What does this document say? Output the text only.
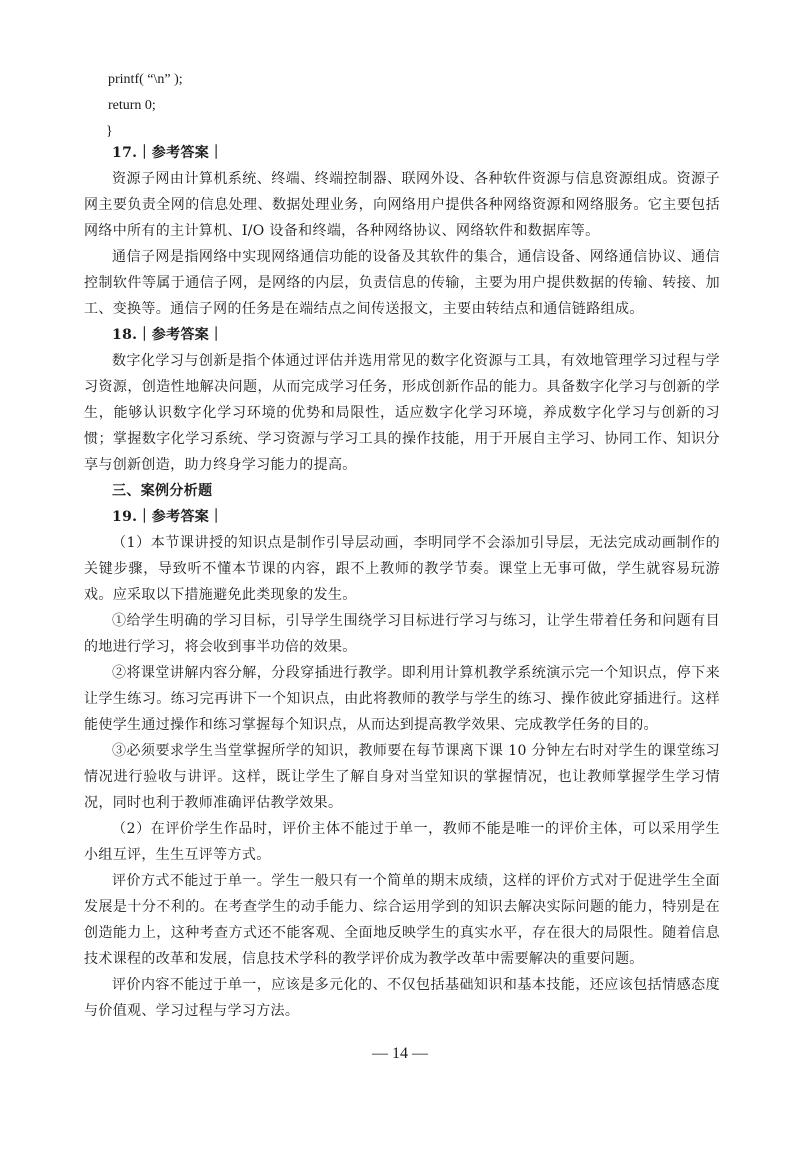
printf( “\n” );
return 0;
}
17.｜参考答案｜

资源子网由计算机系统、终端、终端控制器、联网外设、各种软件资源与信息资源组成。资源子网主要负责全网的信息处理、数据处理业务，向网络用户提供各种网络资源和网络服务。它主要包括网络中所有的主计算机、I/O 设备和终端，各种网络协议、网络软件和数据库等。

通信子网是指网络中实现网络通信功能的设备及其软件的集合，通信设备、网络通信协议、通信控制软件等属于通信子网，是网络的内层，负责信息的传输，主要为用户提供数据的传输、转接、加工、变换等。通信子网的任务是在端结点之间传送报文，主要由转结点和通信链路组成。

18.｜参考答案｜

数字化学习与创新是指个体通过评估并选用常见的数字化资源与工具，有效地管理学习过程与学习资源，创造性地解决问题，从而完成学习任务，形成创新作品的能力。具备数字化学习与创新的学生，能够认识数字化学习环境的优势和局限性，适应数字化学习环境，养成数字化学习与创新的习惯；掌握数字化学习系统、学习资源与学习工具的操作技能，用于开展自主学习、协同工作、知识分享与创新创造，助力终身学习能力的提高。

三、案例分析题
19.｜参考答案｜

（1）本节课讲授的知识点是制作引导层动画，李明同学不会添加引导层，无法完成动画制作的关键步骤，导致听不懂本节课的内容，跟不上教师的教学节奏。课堂上无事可做，学生就容易玩游戏。应采取以下措施避免此类现象的发生。

①给学生明确的学习目标，引导学生围绕学习目标进行学习与练习，让学生带着任务和问题有目的地进行学习，将会收到事半功倍的效果。

②将课堂讲解内容分解，分段穿插进行教学。即利用计算机教学系统演示完一个知识点，停下来让学生练习。练习完再讲下一个知识点，由此将教师的教学与学生的练习、操作彼此穿插进行。这样能使学生通过操作和练习掌握每个知识点，从而达到提高教学效果、完成教学任务的目的。

③必须要求学生当堂掌握所学的知识，教师要在每节课离下课 10 分钟左右时对学生的课堂练习情况进行验收与讲评。这样，既让学生了解自身对当堂知识的掌握情况，也让教师掌握学生学习情况，同时也利于教师准确评估教学效果。

（2）在评价学生作品时，评价主体不能过于单一，教师不能是唯一的评价主体，可以采用学生小组互评，生生互评等方式。

评价方式不能过于单一。学生一般只有一个简单的期末成绩，这样的评价方式对于促进学生全面发展是十分不利的。在考查学生的动手能力、综合运用学到的知识去解决实际问题的能力，特别是在创造能力上，这种考查方式还不能客观、全面地反映学生的真实水平，存在很大的局限性。随着信息技术课程的改革和发展，信息技术学科的教学评价成为教学改革中需要解决的重要问题。

评价内容不能过于单一，应该是多元化的、不仅包括基础知识和基本技能，还应该包括情感态度与价值观、学习过程与学习方法。

— 14 —
